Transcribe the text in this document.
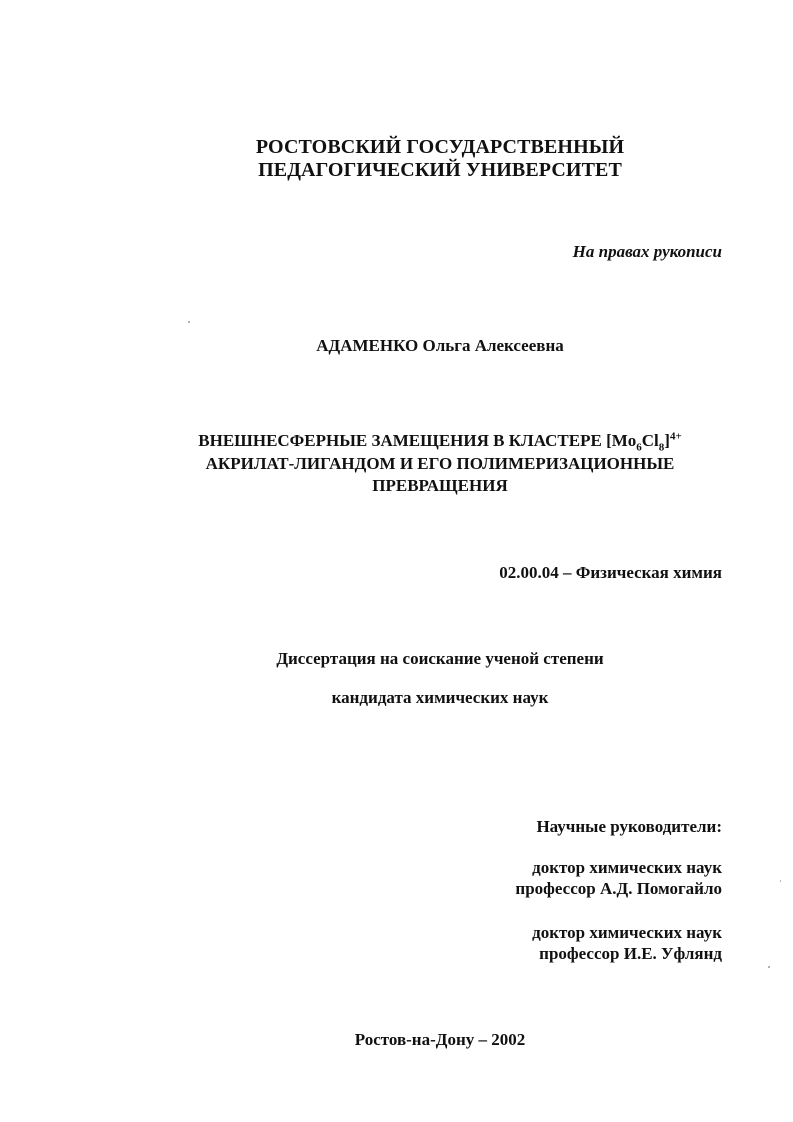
РОСТОВСКИЙ ГОСУДАРСТВЕННЫЙ
ПЕДАГОГИЧЕСКИЙ УНИВЕРСИТЕТ
На правах рукописи
АДАМЕНКО Ольга Алексеевна
ВНЕШНЕСФЕРНЫЕ ЗАМЕЩЕНИЯ В КЛАСТЕРЕ $[Mo_6Cl_8]^{4+}$
АКРИЛАТ-ЛИГАНДОМ И ЕГО ПОЛИМЕРИЗАЦИОННЫЕ
ПРЕВРАЩЕНИЯ
02.00.04 – Физическая химия
Диссертация на соискание ученой степени
кандидата химических наук
Научные руководители:
доктор химических наук
профессор А.Д. Помогайло
доктор химических наук
профессор И.Е. Уфлянд
Ростов-на-Дону – 2002
